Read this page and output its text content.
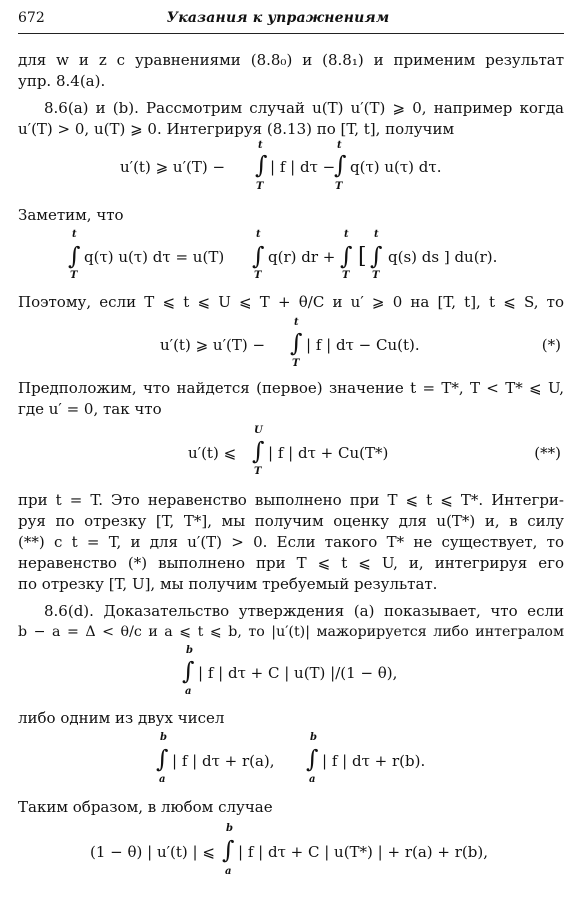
672	Указания к упражнениям
для w и z с уравнениями (8.8₀) и (8.8₁) и применим результат
упр. 8.4(a).
8.6(a) и (b). Рассмотрим случай u(T) u′(T) ⩾ 0, например когда
u′(T) > 0, u(T) ⩾ 0. Интегрируя (8.13) по [T, t], получим
u′(t) ⩾ u′(T) − ∫
t
T
| f | dτ −
∫
t
T
q(τ) u(τ) dτ.
Заметим, что
∫
t
T
q(τ) u(τ) dτ = u(T) ∫
t
T
q(r) dr + ∫
t
T
[ ∫
t
T
q(s) ds ] du(r).
Поэтому, если T ⩽ t ⩽ U ⩽ T + θ/C и u′ ⩾ 0 на [T, t], t ⩽ S, то
u′(t) ⩾ u′(T) − ∫
t
T
| f | dτ − Cu(t).	(*)
Предположим, что найдется (первое) значение t = T*, T < T* ⩽ U,
где u′ = 0, так что
u′(t) ⩽ ∫
U
T
| f | dτ + Cu(T*)	(**)
при t = T. Это неравенство выполнено при T ⩽ t ⩽ T*. Интегри-
руя по отрезку [T, T*], мы получим оценку для u(T*) и, в силу
(**) с t = T, и для u′(T) > 0. Если такого T* не существует, то
неравенство (*) выполнено при T ⩽ t ⩽ U, и, интегрируя его
по отрезку [T, U], мы получим требуемый результат.
8.6(d). Доказательство утверждения (a) показывает, что если
b − a = Δ < θ/c и a ⩽ t ⩽ b, то |u′(t)| мажорируется либо интегралом
∫
b
a
| f | dτ + C | u(T) |/(1 − θ),
либо одним из двух чисел
∫
b
a
| f | dτ + r(a), ∫
b
a
| f | dτ + r(b).
Таким образом, в любом случае
(1 − θ) | u′(t) | ⩽ ∫
b
a
| f | dτ + C | u(T*) | + r(a) + r(b),
